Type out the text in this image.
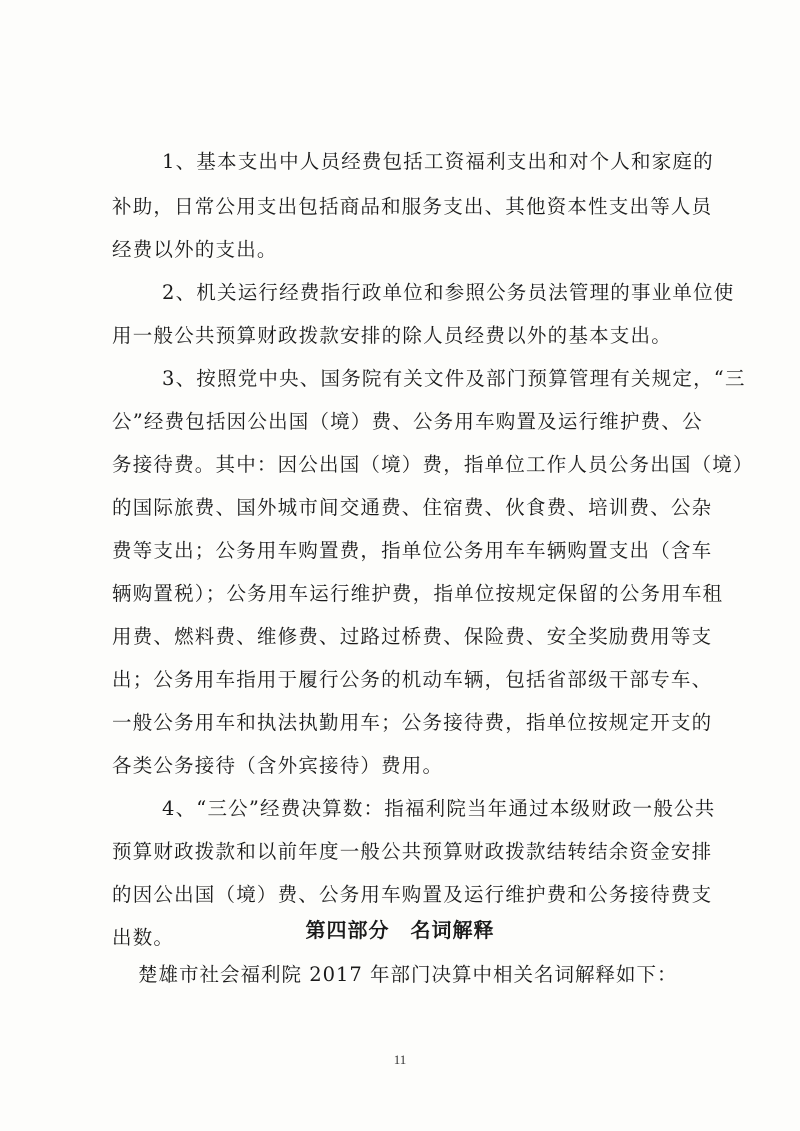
1、基本支出中人员经费包括工资福利支出和对个人和家庭的
补助，日常公用支出包括商品和服务支出、其他资本性支出等人员
经费以外的支出。
2、机关运行经费指行政单位和参照公务员法管理的事业单位使
用一般公共预算财政拨款安排的除人员经费以外的基本支出。
3、按照党中央、国务院有关文件及部门预算管理有关规定，“三
公”经费包括因公出国（境）费、公务用车购置及运行维护费、公
务接待费。其中：因公出国（境）费，指单位工作人员公务出国（境）
的国际旅费、国外城市间交通费、住宿费、伙食费、培训费、公杂
费等支出；公务用车购置费，指单位公务用车车辆购置支出（含车
辆购置税）；公务用车运行维护费，指单位按规定保留的公务用车租
用费、燃料费、维修费、过路过桥费、保险费、安全奖励费用等支
出；公务用车指用于履行公务的机动车辆，包括省部级干部专车、
一般公务用车和执法执勤用车；公务接待费，指单位按规定开支的
各类公务接待（含外宾接待）费用。
4、“三公”经费决算数：指福利院当年通过本级财政一般公共
预算财政拨款和以前年度一般公共预算财政拨款结转结余资金安排
的因公出国（境）费、公务用车购置及运行维护费和公务接待费支
出数。	第四部分　名词解释
楚雄市社会福利院 2017 年部门决算中相关名词解释如下：
11
